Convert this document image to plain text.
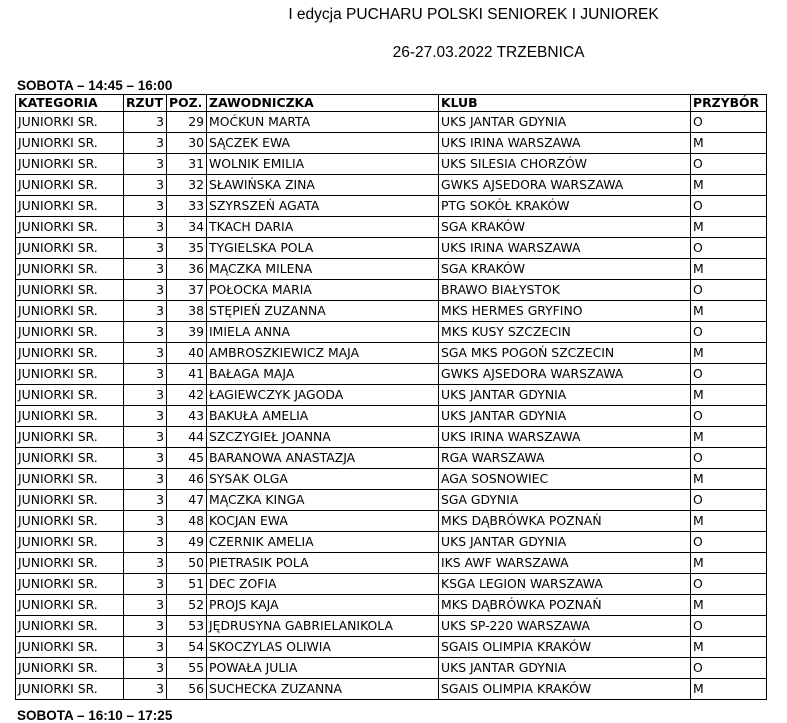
I edycja PUCHARU POLSKI SENIOREK I JUNIOREK
26-27.03.2022 TRZEBNICA
SOBOTA – 14:45 – 16:00
KATEGORIA	RZUT	POZ.	ZAWODNICZKA	KLUB	PRZYBÓR
JUNIORKI SR.	3	29	MOĆKUN MARTA	UKS JANTAR GDYNIA	O
JUNIORKI SR.	3	30	SĄCZEK EWA	UKS IRINA WARSZAWA	M
JUNIORKI SR.	3	31	WOLNIK EMILIA	UKS SILESIA CHORZÓW	O
JUNIORKI SR.	3	32	SŁAWIŃSKA ZINA	GWKS AJSEDORA WARSZAWA	M
JUNIORKI SR.	3	33	SZYRSZEŃ AGATA	PTG SOKÓŁ KRAKÓW	O
JUNIORKI SR.	3	34	TKACH DARIA	SGA KRAKÓW	M
JUNIORKI SR.	3	35	TYGIELSKA POLA	UKS IRINA WARSZAWA	O
JUNIORKI SR.	3	36	MĄCZKA MILENA	SGA KRAKÓW	M
JUNIORKI SR.	3	37	POŁOCKA MARIA	BRAWO BIAŁYSTOK	O
JUNIORKI SR.	3	38	STĘPIEŃ ZUZANNA	MKS HERMES GRYFINO	M
JUNIORKI SR.	3	39	IMIELA ANNA	MKS KUSY SZCZECIN	O
JUNIORKI SR.	3	40	AMBROSZKIEWICZ MAJA	SGA MKS POGOŃ SZCZECIN	M
JUNIORKI SR.	3	41	BAŁAGA MAJA	GWKS AJSEDORA WARSZAWA	O
JUNIORKI SR.	3	42	ŁAGIEWCZYK JAGODA	UKS JANTAR GDYNIA	M
JUNIORKI SR.	3	43	BAKUŁA AMELIA	UKS JANTAR GDYNIA	O
JUNIORKI SR.	3	44	SZCZYGIEŁ JOANNA	UKS IRINA WARSZAWA	M
JUNIORKI SR.	3	45	BARANOWA ANASTAZJA	RGA WARSZAWA	O
JUNIORKI SR.	3	46	SYSAK OLGA	AGA SOSNOWIEC	M
JUNIORKI SR.	3	47	MĄCZKA KINGA	SGA GDYNIA	O
JUNIORKI SR.	3	48	KOCJAN EWA	MKS DĄBRÓWKA POZNAŃ	M
JUNIORKI SR.	3	49	CZERNIK AMELIA	UKS JANTAR GDYNIA	O
JUNIORKI SR.	3	50	PIETRASIK POLA	IKS AWF WARSZAWA	M
JUNIORKI SR.	3	51	DEC ZOFIA	KSGA LEGION WARSZAWA	O
JUNIORKI SR.	3	52	PROJS KAJA	MKS DĄBRÓWKA POZNAŃ	M
JUNIORKI SR.	3	53	JĘDRUSYNA GABRIELANIKOLA	UKS SP-220 WARSZAWA	O
JUNIORKI SR.	3	54	SKOCZYLAS OLIWIA	SGAIS OLIMPIA KRAKÓW	M
JUNIORKI SR.	3	55	POWAŁA JULIA	UKS JANTAR GDYNIA	O
JUNIORKI SR.	3	56	SUCHECKA ZUZANNA	SGAIS OLIMPIA KRAKÓW	M
SOBOTA – 16:10 – 17:25
